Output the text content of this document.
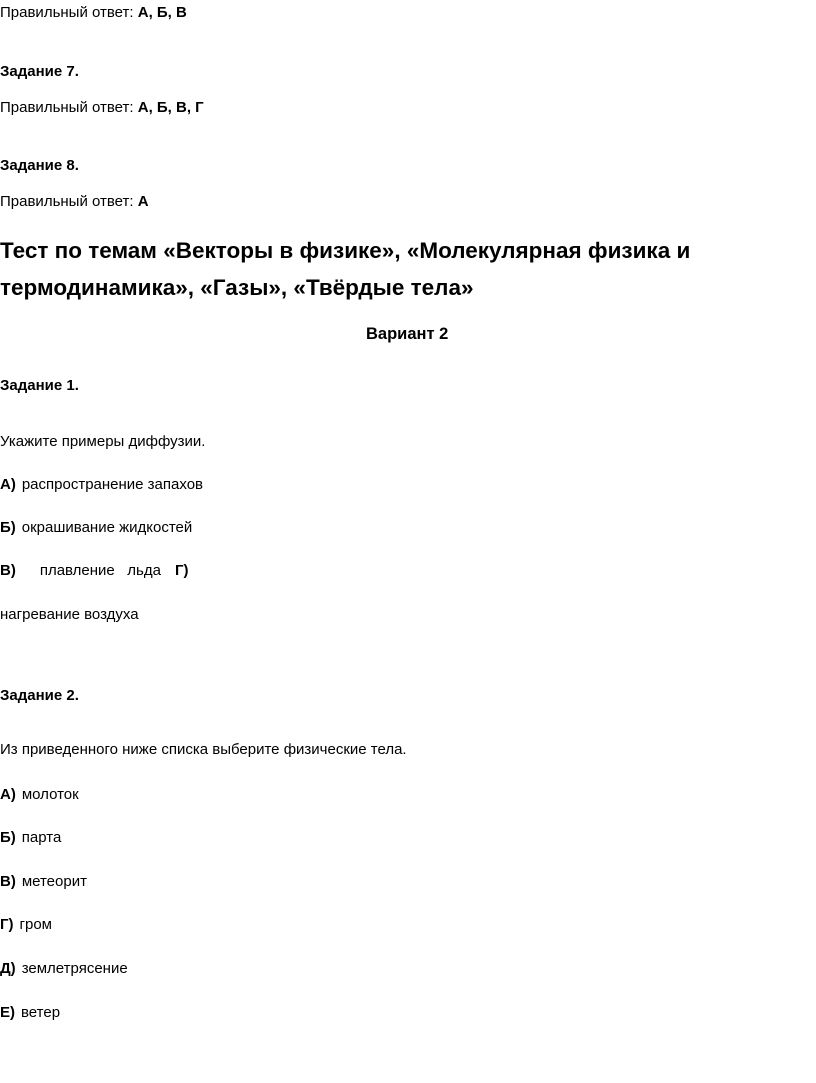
Правильный ответ: А, Б, В
Задание 7.
Правильный ответ: А, Б, В, Г
Задание 8.
Правильный ответ: А
Тест по темам «Векторы в физике», «Молекулярная физика и
термодинамика», «Газы», «Твёрдые тела»
Вариант 2
Задание 1.
Укажите примеры диффузии.
А) распространение запахов
Б) окрашивание жидкостей
В) плавление   льда Г)
нагревание воздуха
Задание 2.
Из приведенного ниже списка выберите физические тела.
А) молоток
Б) парта
В) метеорит
Г) гром
Д) землетрясение
Е) ветер
